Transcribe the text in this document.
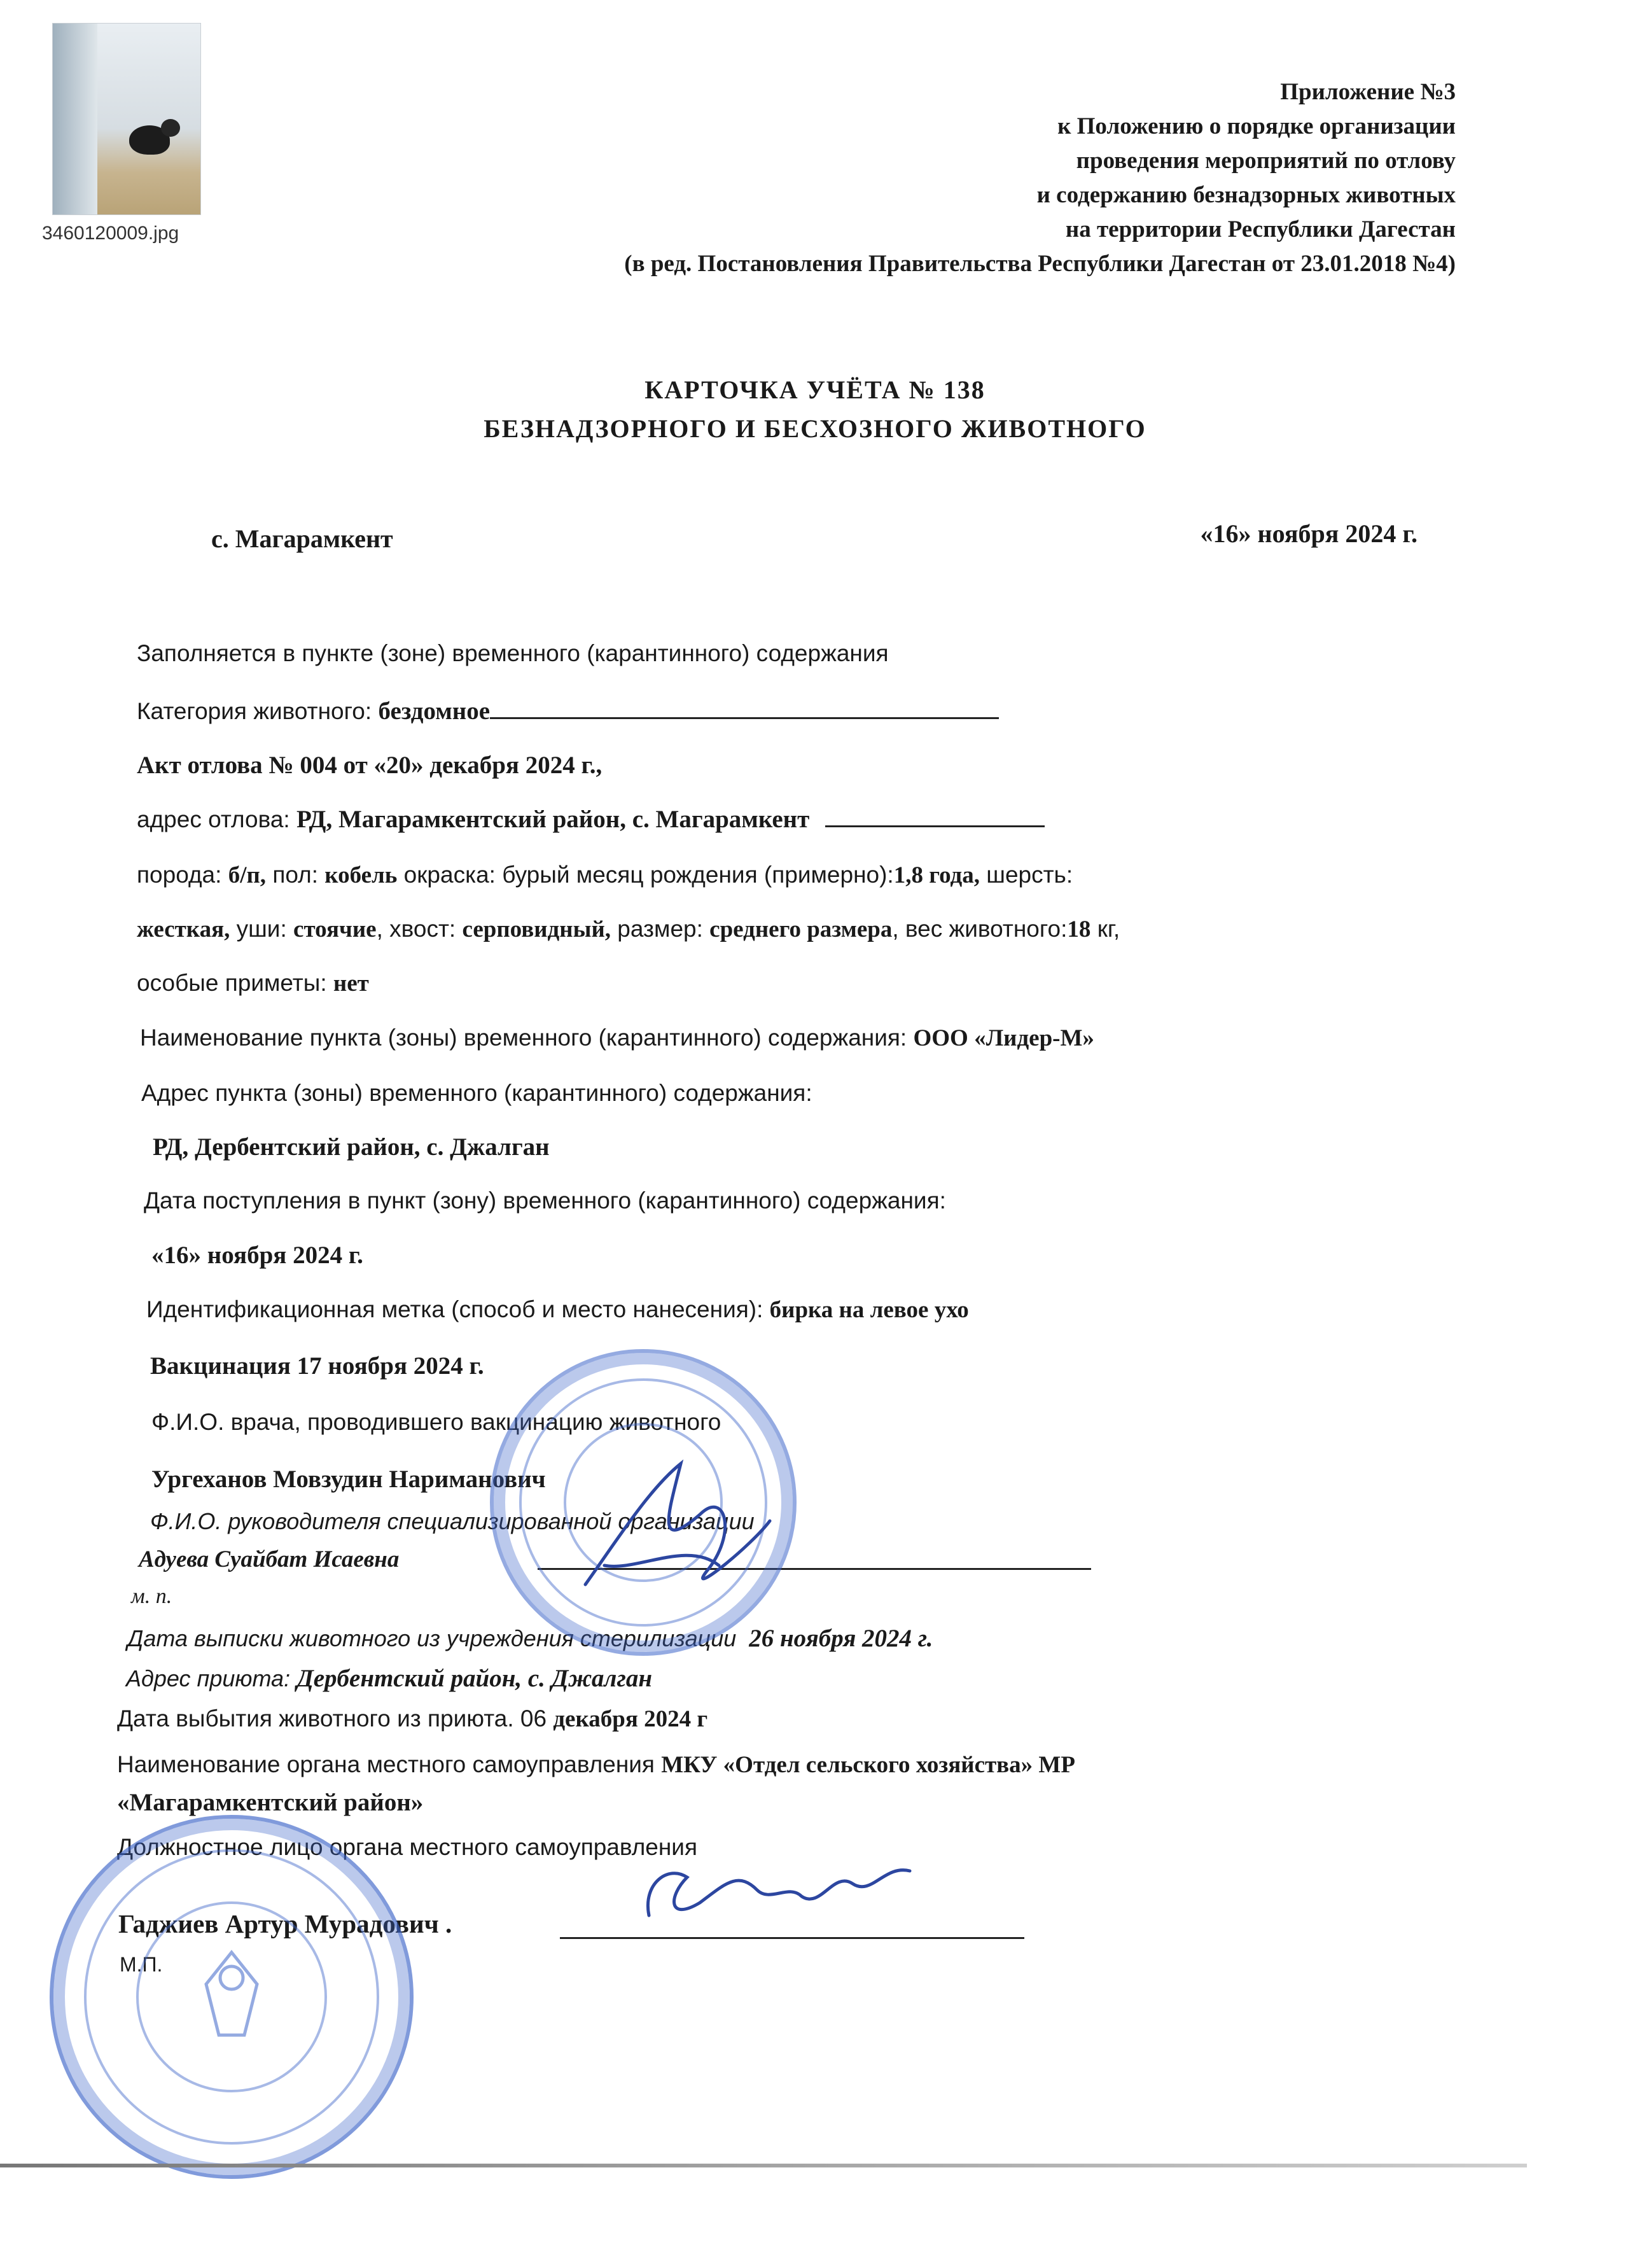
3460120009.jpg
Приложение №3
к Положению о порядке организации
проведения мероприятий по отлову
и содержанию безнадзорных животных
на территории Республики Дагестан
(в ред. Постановления Правительства Республики Дагестан от 23.01.2018 №4)
КАРТОЧКА УЧЁТА № 138
БЕЗНАДЗОРНОГО И БЕСХОЗНОГО ЖИВОТНОГО
с. Магарамкент	«16» ноября 2024 г.
Заполняется в пункте (зоне) временного (карантинного) содержания
Категория животного: бездомное
Акт отлова № 004 от «20» декабря 2024 г.,
адрес отлова: РД, Магарамкентский район, с. Магарамкент
порода: б/п, пол: кобель окраска: бурый месяц рождения (примерно):1,8 года, шерсть:
жесткая, уши: стоячие, хвост: серповидный, размер: среднего размера, вес животного:18 кг,
особые приметы: нет
Наименование пункта (зоны) временного (карантинного) содержания: ООО «Лидер-М»
Адрес пункта (зоны) временного (карантинного) содержания:
РД, Дербентский район, с. Джалган
Дата поступления в пункт (зону) временного (карантинного) содержания:
«16» ноября 2024 г.
Идентификационная метка (способ и место нанесения): бирка на левое ухо
Вакцинация 17 ноября 2024 г.
Ф.И.О. врача, проводившего вакцинацию животного
Ургеханов Мовзудин Нариманович
Ф.И.О. руководителя специализированной организации
Адуева Суайбат Исаевна
м. п.
Дата выписки животного из учреждения стерилизации 26 ноября 2024 г.
Адрес приюта: Дербентский район, с. Джалган
Дата выбытия животного из приюта. 06 декабря 2024 г
Наименование органа местного самоуправления МКУ «Отдел сельского хозяйства» МР
«Магарамкентский район»
Должностное лицо органа местного самоуправления
Гаджиев Артур Мурадович .
М.П.
